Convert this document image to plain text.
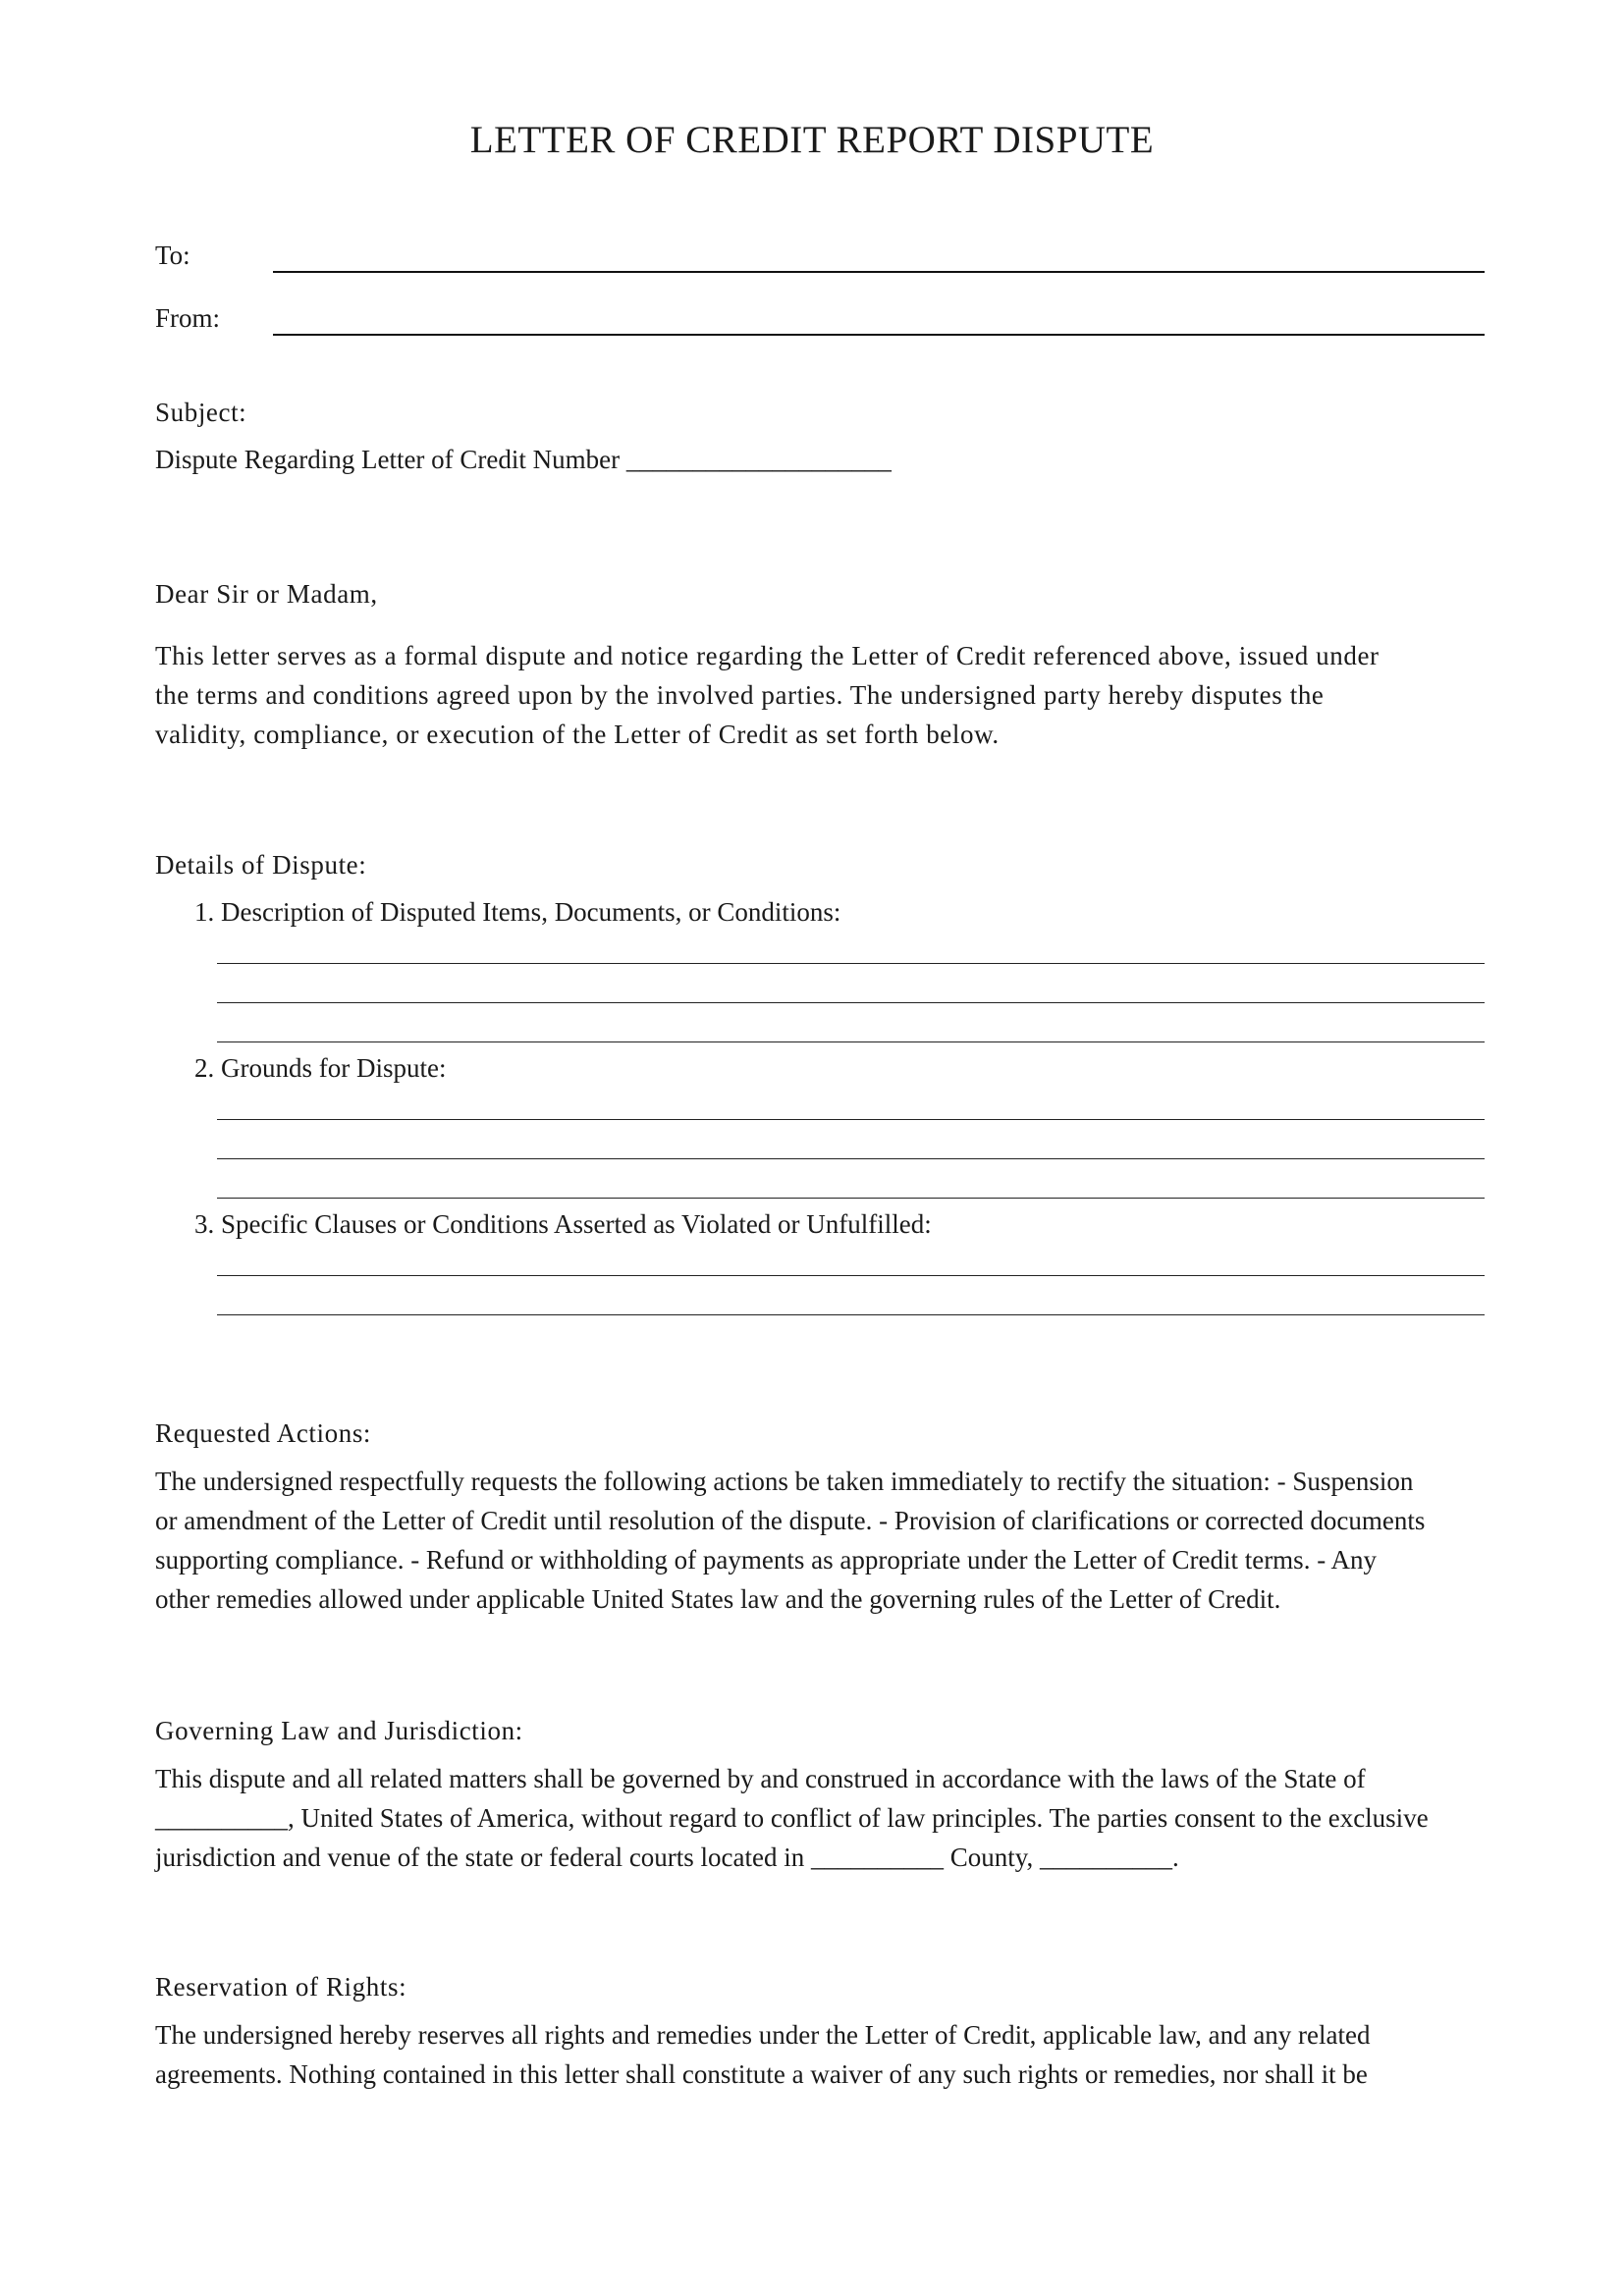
LETTER OF CREDIT REPORT DISPUTE
To:
From:
Subject:
Dispute Regarding Letter of Credit Number ____________________
Dear Sir or Madam,
This letter serves as a formal dispute and notice regarding the Letter of Credit referenced above, issued under
the terms and conditions agreed upon by the involved parties. The undersigned party hereby disputes the
validity, compliance, or execution of the Letter of Credit as set forth below.
Details of Dispute:
1. Description of Disputed Items, Documents, or Conditions:
2. Grounds for Dispute:
3. Specific Clauses or Conditions Asserted as Violated or Unfulfilled:
Requested Actions:
The undersigned respectfully requests the following actions be taken immediately to rectify the situation: - Suspension
or amendment of the Letter of Credit until resolution of the dispute. - Provision of clarifications or corrected documents
supporting compliance. - Refund or withholding of payments as appropriate under the Letter of Credit terms. - Any
other remedies allowed under applicable United States law and the governing rules of the Letter of Credit.
Governing Law and Jurisdiction:
This dispute and all related matters shall be governed by and construed in accordance with the laws of the State of
__________, United States of America, without regard to conflict of law principles. The parties consent to the exclusive
jurisdiction and venue of the state or federal courts located in __________ County, __________.
Reservation of Rights:
The undersigned hereby reserves all rights and remedies under the Letter of Credit, applicable law, and any related
agreements. Nothing contained in this letter shall constitute a waiver of any such rights or remedies, nor shall it be
